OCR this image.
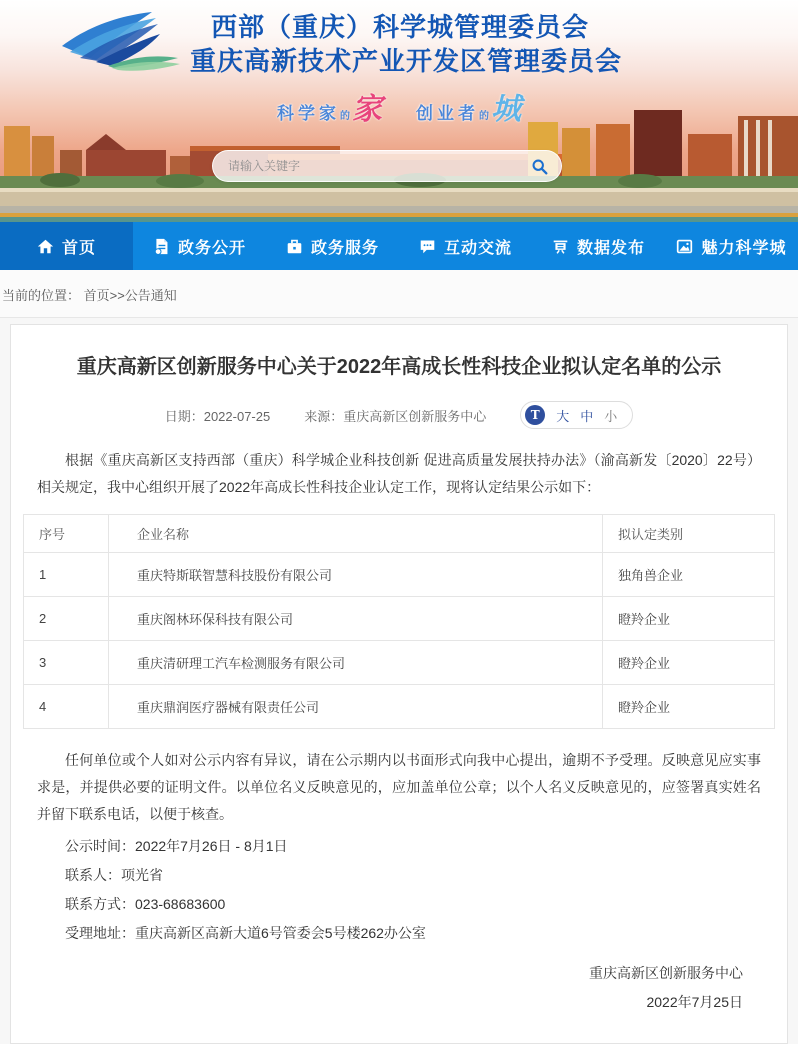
西部（重庆）科学城管理委员会
重庆高新技术产业开发区管理委员会
科学家的家 创业者的城
请输入关键字
首页	政务公开	政务服务	互动交流	数据发布	魅力科学城
当前的位置： 首页>>公告通知
重庆高新区创新服务中心关于2022年高成长性科技企业拟认定名单的公示
日期：2022-07-25	来源：重庆高新区创新服务中心	T	大 中 小

根据《重庆高新区支持西部（重庆）科学城企业科技创新 促进高质量发展扶持办法》（渝高新发〔2020〕22号）相关规定，我中心组织开展了2022年高成长性科技企业认定工作，现将认定结果公示如下：

序号	企业名称	拟认定类别
1	重庆特斯联智慧科技股份有限公司	独角兽企业
2	重庆阁林环保科技有限公司	瞪羚企业
3	重庆清研理工汽车检测服务有限公司	瞪羚企业
4	重庆鼎润医疗器械有限责任公司	瞪羚企业

任何单位或个人如对公示内容有异议，请在公示期内以书面形式向我中心提出，逾期不予受理。反映意见应实事求是，并提供必要的证明文件。以单位名义反映意见的，应加盖单位公章；以个人名义反映意见的，应签署真实姓名并留下联系电话，以便于核查。

公示时间：2022年7月26日 - 8月1日
联系人：项光省
联系方式：023-68683600
受理地址：重庆高新区高新大道6号管委会5号楼262办公室
重庆高新区创新服务中心
2022年7月25日
